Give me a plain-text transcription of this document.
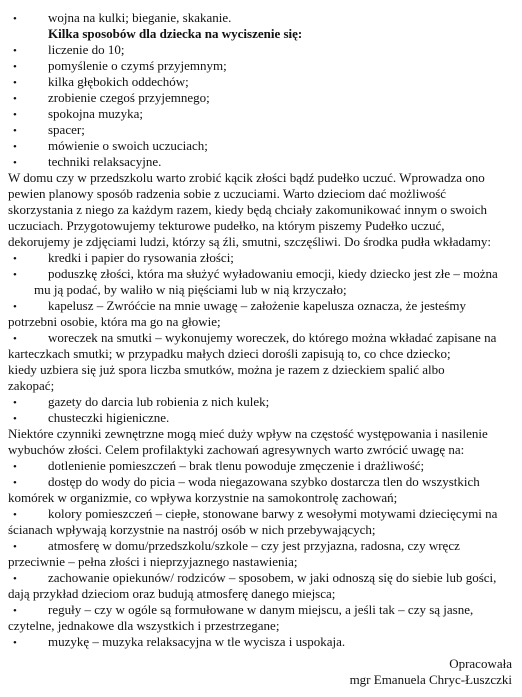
• wojna na kulki; bieganie, skakanie.
Kilka sposobów dla dziecka na wyciszenie się:
• liczenie do 10;
• pomyślenie o czymś przyjemnym;
• kilka głębokich oddechów;
• zrobienie czegoś przyjemnego;
• spokojna muzyka;
• spacer;
• mówienie o swoich uczuciach;
• techniki relaksacyjne.
W domu czy w przedszkolu warto zrobić kącik złości bądź pudełko uczuć. Wprowadza ono
pewien planowy sposób radzenia sobie z uczuciami. Warto dzieciom dać możliwość
skorzystania z niego za każdym razem, kiedy będą chciały zakomunikować innym o swoich
uczuciach. Przygotowujemy tekturowe pudełko, na którym piszemy Pudełko uczuć,
dekorujemy je zdjęciami ludzi, którzy są źli, smutni, szczęśliwi. Do środka pudła wkładamy:
• kredki i papier do rysowania złości;
• poduszkę złości, która ma służyć wyładowaniu emocji, kiedy dziecko jest złe – można
mu ją podać, by waliło w nią pięściami lub w nią krzyczało;
• kapelusz – Zwróćcie na mnie uwagę – założenie kapelusza oznacza, że jesteśmy
potrzebni osobie, która ma go na głowie;
• woreczek na smutki – wykonujemy woreczek, do którego można wkładać zapisane na
karteczkach smutki; w przypadku małych dzieci dorośli zapisują to, co chce dziecko;
kiedy uzbiera się już spora liczba smutków, można je razem z dzieckiem spalić albo
zakopać;
• gazety do darcia lub robienia z nich kulek;
• chusteczki higieniczne.
Niektóre czynniki zewnętrzne mogą mieć duży wpływ na częstość występowania i nasilenie
wybuchów złości. Celem profilaktyki zachowań agresywnych warto zwrócić uwagę na:
• dotlenienie pomieszczeń – brak tlenu powoduje zmęczenie i drażliwość;
• dostęp do wody do picia – woda niegazowana szybko dostarcza tlen do wszystkich
komórek w organizmie, co wpływa korzystnie na samokontrolę zachowań;
• kolory pomieszczeń – ciepłe, stonowane barwy z wesołymi motywami dziecięcymi na
ścianach wpływają korzystnie na nastrój osób w nich przebywających;
• atmosferę w domu/przedszkolu/szkole – czy jest przyjazna, radosna, czy wręcz
przeciwnie – pełna złości i nieprzyjaznego nastawienia;
• zachowanie opiekunów/ rodziców – sposobem, w jaki odnoszą się do siebie lub gości,
dają przykład dzieciom oraz budują atmosferę danego miejsca;
• reguły – czy w ogóle są formułowane w danym miejscu, a jeśli tak – czy są jasne,
czytelne, jednakowe dla wszystkich i przestrzegane;
• muzykę – muzyka relaksacyjna w tle wycisza i uspokaja.
Opracowała
mgr Emanuela Chryc-Łuszczki
